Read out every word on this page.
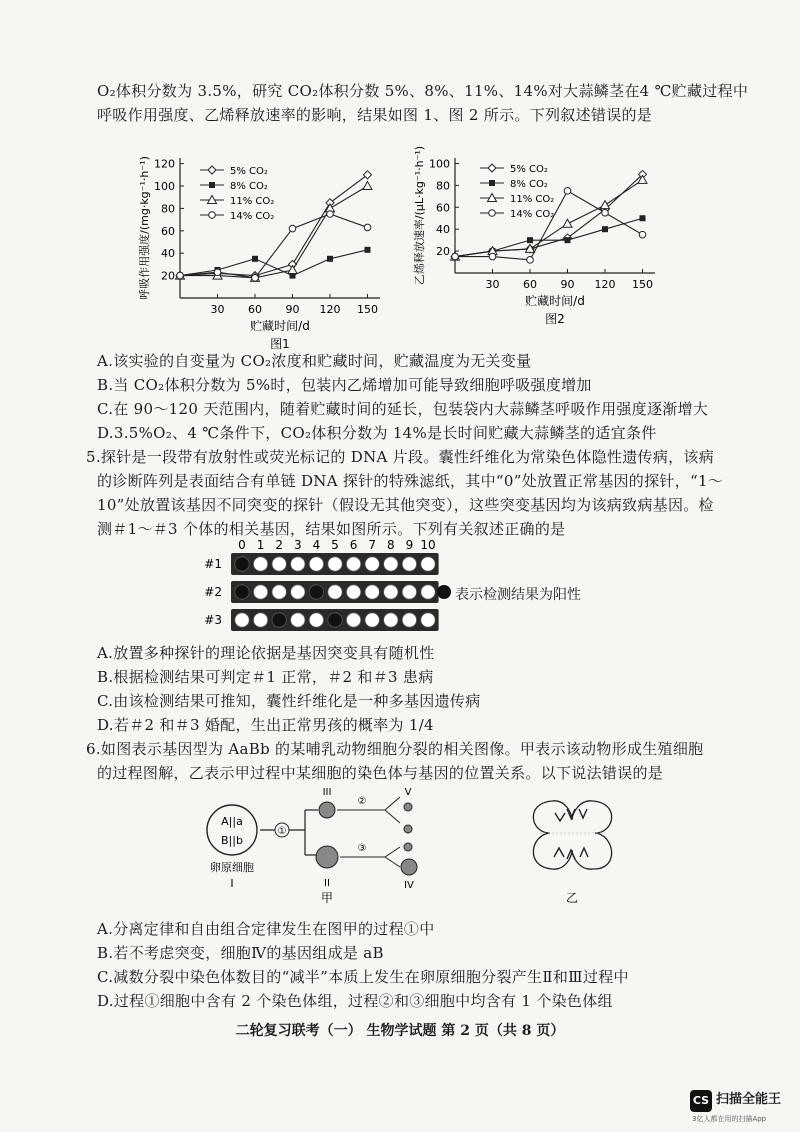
O₂体积分数为 3.5%，研究 CO₂体积分数 5%、8%、11%、14%对大蒜鳞茎在4 ℃贮藏过程中
呼吸作用强度、乙烯释放速率的影响，结果如图 1、图 2 所示。下列叙述错误的是
30 60 90 120 150
20
40
60
80
100
120
贮藏时间/d
图1
呼吸作用强度/(mg·kg⁻¹·h⁻¹)	5% CO₂
8% CO₂
11% CO₂
14% CO₂
30 60 90 120 150
20
40
60
80
100
贮藏时间/d
图2
乙烯释放速率/(μL·kg⁻¹·h⁻¹)	5% CO₂
8% CO₂
11% CO₂
14% CO₂
A.该实验的自变量为 CO₂浓度和贮藏时间，贮藏温度为无关变量
B.当 CO₂体积分数为 5%时，包装内乙烯增加可能导致细胞呼吸强度增加
C.在 90～120 天范围内，随着贮藏时间的延长，包装袋内大蒜鳞茎呼吸作用强度逐渐增大
D.3.5%O₂、4 ℃条件下，CO₂体积分数为 14%是长时间贮藏大蒜鳞茎的适宜条件
5.探针是一段带有放射性或荧光标记的 DNA 片段。囊性纤维化为常染色体隐性遗传病，该病
的诊断阵列是表面结合有单链 DNA 探针的特殊滤纸，其中“0”处放置正常基因的探针，“1～
10”处放置该基因不同突变的探针（假设无其他突变），这些突变基因均为该病致病基因。检
测＃1～＃3 个体的相关基因，结果如图所示。下列有关叙述正确的是
0 1 2 3 4 5 6 7 8 9 10
#1
#2
#3
表示检测结果为阳性
A.放置多种探针的理论依据是基因突变具有随机性
B.根据检测结果可判定＃1 正常，＃2 和＃3 患病
C.由该检测结果可推知，囊性纤维化是一种多基因遗传病
D.若＃2 和＃3 婚配，生出正常男孩的概率为 1/4
6.如图表示基因型为 AaBb 的某哺乳动物细胞分裂的相关图像。甲表示该动物形成生殖细胞
的过程图解，乙表示甲过程中某细胞的染色体与基因的位置关系。以下说法错误的是
A||a
B||b
卵原细胞
I
①
III
II
甲
②
V
③
IV
乙
A.分离定律和自由组合定律发生在图甲的过程①中
B.若不考虑突变，细胞Ⅳ的基因组成是 aB
C.减数分裂中染色体数目的“减半”本质上发生在卵原细胞分裂产生Ⅱ和Ⅲ过程中
D.过程①细胞中含有 2 个染色体组，过程②和③细胞中均含有 1 个染色体组
二轮复习联考（一） 生物学试题 第 2 页（共 8 页）
CS 扫描全能王
3亿人都在用的扫描App
